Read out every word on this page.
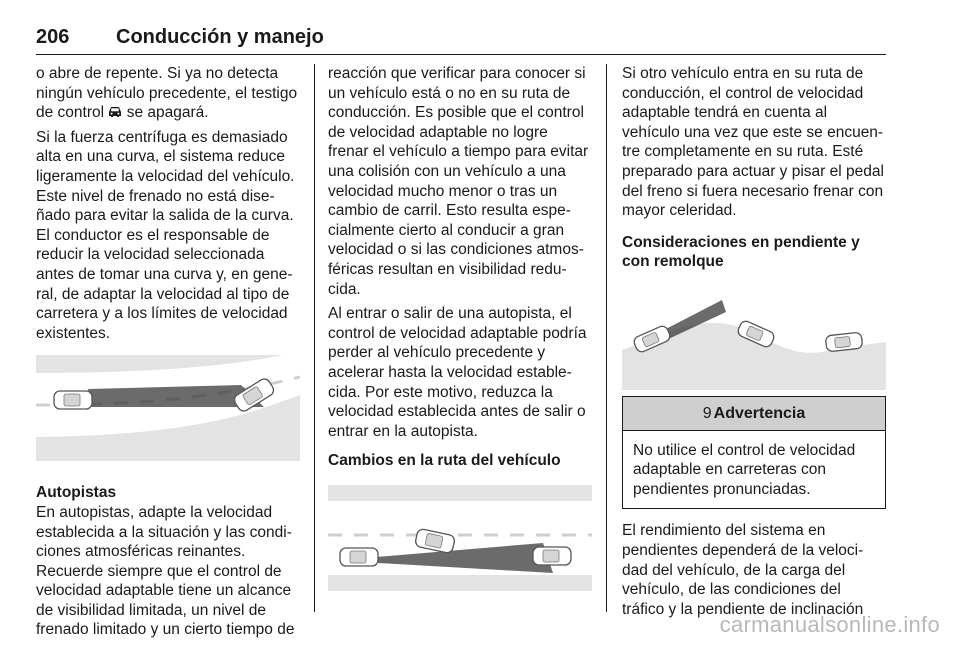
206 Conducción y manejo

o abre de repente. Si ya no detecta ningún vehículo precedente, el testigo de control  se apagará.

Si la fuerza centrífuga es demasiado alta en una curva, el sistema reduce ligeramente la velocidad del vehículo. Este nivel de frenado no está dise-ñado para evitar la salida de la curva. El conductor es el responsable de reducir la velocidad seleccionada antes de tomar una curva y, en gene-ral, de adaptar la velocidad al tipo de carretera y a los límites de velocidad existentes.

Autopistas

En autopistas, adapte la velocidad establecida a la situación y las condi-ciones atmosféricas reinantes. Recuerde siempre que el control de velocidad adaptable tiene un alcance de visibilidad limitada, un nivel de frenado limitado y un cierto tiempo de

reacción que verificar para conocer si un vehículo está o no en su ruta de conducción. Es posible que el control de velocidad adaptable no logre frenar el vehículo a tiempo para evitar una colisión con un vehículo a una velocidad mucho menor o tras un cambio de carril. Esto resulta espe-cialmente cierto al conducir a gran velocidad o si las condiciones atmos-féricas resultan en visibilidad redu-cida.

Al entrar o salir de una autopista, el control de velocidad adaptable podría perder al vehículo precedente y acelerar hasta la velocidad estable-cida. Por este motivo, reduzca la velocidad establecida antes de salir o entrar en la autopista.

Cambios en la ruta del vehículo

Si otro vehículo entra en su ruta de conducción, el control de velocidad adaptable tendrá en cuenta al vehículo una vez que este se encuen-tre completamente en su ruta. Esté preparado para actuar y pisar el pedal del freno si fuera necesario frenar con mayor celeridad.

Consideraciones en pendiente y con remolque
9 Advertencia
No utilice el control de velocidad adaptable en carreteras con pendientes pronunciadas.

El rendimiento del sistema en pendientes dependerá de la veloci-dad del vehículo, de la carga del vehículo, de las condiciones del tráfico y la pendiente de inclinación

carmanualsonline.info
